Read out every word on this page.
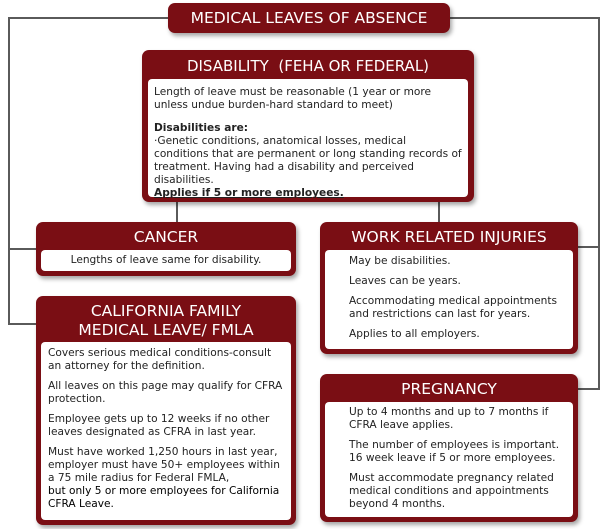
MEDICAL LEAVES OF ABSENCE
DISABILITY  (FEHA OR FEDERAL)

Length of leave must be reasonable (1 year or more unless undue burden-hard standard to meet)

Disabilities are:

·Genetic conditions, anatomical losses, medical conditions that are permanent or long standing records of treatment. Having had a disability and perceived disabilities.

Applies if 5 or more employees.

CANCER

Lengths of leave same for disability.

WORK RELATED INJURIES

May be disabilities.

Leaves can be years.

Accommodating medical appointments and restrictions can last for years.

Applies to all employers.

CALIFORNIA FAMILY MEDICAL LEAVE/ FMLA

Covers serious medical conditions-consult an attorney for the definition.

All leaves on this page may qualify for CFRA protection.

Employee gets up to 12 weeks if no other leaves designated as CFRA in last year.

Must have worked 1,250 hours in last year, employer must have 50+ employees within a 75 mile radius for Federal FMLA,

but only 5 or more employees for California CFRA Leave.

PREGNANCY

Up to 4 months and up to 7 months if CFRA leave applies.

The number of employees is important. 16 week leave if 5 or more employees.

Must accommodate pregnancy related medical conditions and appointments beyond 4 months.
